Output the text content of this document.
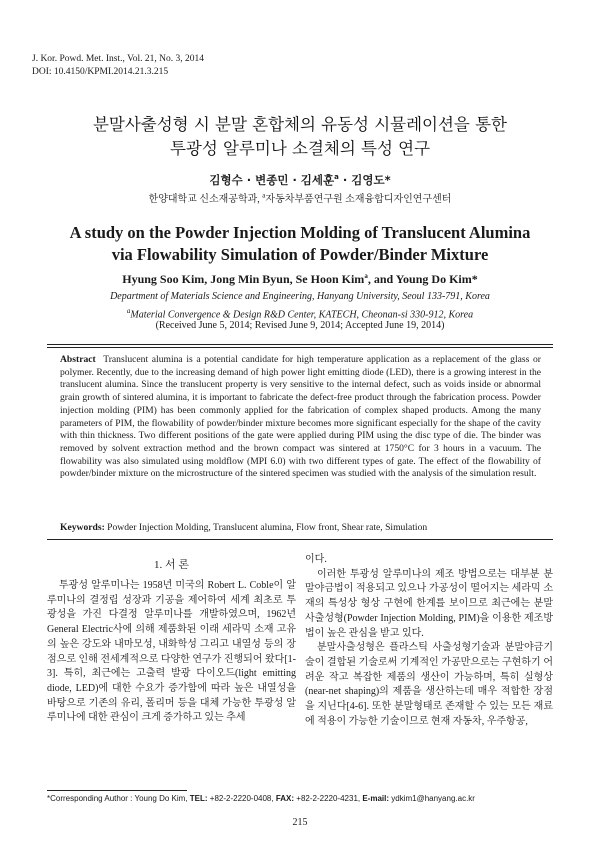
J. Kor. Powd. Met. Inst., Vol. 21, No. 3, 2014
DOI: 10.4150/KPMI.2014.21.3.215
분말사출성형 시 분말 혼합체의 유동성 시뮬레이션을 통한
투광성 알루미나 소결체의 특성 연구
김형수 · 변종민 · 김세훈$^a$ · 김영도*
한양대학교 신소재공학과, $^a$자동차부품연구원 소재융합디자인연구센터
A study on the Powder Injection Molding of Translucent Alumina
via Flowability Simulation of Powder/Binder Mixture
Hyung Soo Kim, Jong Min Byun, Se Hoon Kim$^a$, and Young Do Kim*
Department of Materials Science and Engineering, Hanyang University, Seoul 133-791, Korea
$^a$Material Convergence & Design R&D Center, KATECH, Cheonan-si 330-912, Korea
(Received June 5, 2014; Revised June 9, 2014; Accepted June 19, 2014)
Abstract Translucent alumina is a potential candidate for high temperature application as a replacement of the glass or polymer. Recently, due to the increasing demand of high power light emitting diode (LED), there is a growing interest in the translucent alumina. Since the translucent property is very sensitive to the internal defect, such as voids inside or abnormal grain growth of sintered alumina, it is important to fabricate the defect-free product through the fabrication process. Powder injection molding (PIM) has been commonly applied for the fabrication of complex shaped products. Among the many parameters of PIM, the flowability of powder/binder mixture becomes more significant especially for the shape of the cavity with thin thickness. Two different positions of the gate were applied during PIM using the disc type of die. The binder was removed by solvent extraction method and the brown compact was sintered at 1750°C for 3 hours in a vacuum. The flowability was also simulated using moldflow (MPI 6.0) with two different types of gate. The effect of the flowability of powder/binder mixture on the microstructure of the sintered specimen was studied with the analysis of the simulation result.
Keywords: Powder Injection Molding, Translucent alumina, Flow front, Shear rate, Simulation
1. 서 론

투광성 알루미나는 1958년 미국의 Robert L. Coble이 알루미나의 결정립 성장과 기공을 제어하여 세계 최초로 투광성을 가진 다결정 알루미나를 개발하였으며, 1962년 General Electric사에 의해 제품화된 이래 세라믹 소재 고유의 높은 강도와 내마모성, 내화학성 그리고 내열성 등의 장점으로 인해 전세계적으로 다양한 연구가 진행되어 왔다[1-3]. 특히, 최근에는 고출력 발광 다이오드(light emitting diode, LED)에 대한 수요가 증가함에 따라 높은 내열성을 바탕으로 기존의 유리, 폴리머 등을 대체 가능한 투광성 알루미나에 대한 관심이 크게 증가하고 있는 추세

이다.

이러한 투광성 알루미나의 제조 방법으로는 대부분 분말야금법이 적용되고 있으나 가공성이 떨어지는 세라믹 소재의 특성상 형상 구현에 한계를 보이므로 최근에는 분말사출성형(Powder Injection Molding, PIM)을 이용한 제조방법이 높은 관심을 받고 있다.

분말사출성형은 플라스틱 사출성형기술과 분말야금기술이 결합된 기술로써 기계적인 가공만으로는 구현하기 어려운 작고 복잡한 제품의 생산이 가능하며, 특히 실형상(near-net shaping)의 제품을 생산하는데 매우 적합한 장점을 지닌다[4-6]. 또한 분말형태로 존재할 수 있는 모든 재료에 적용이 가능한 기술이므로 현재 자동차, 우주항공,

*Corresponding Author : Young Do Kim, TEL: +82-2-2220-0408, FAX: +82-2-2220-4231, E-mail: ydkim1@hanyang.ac.kr
215
